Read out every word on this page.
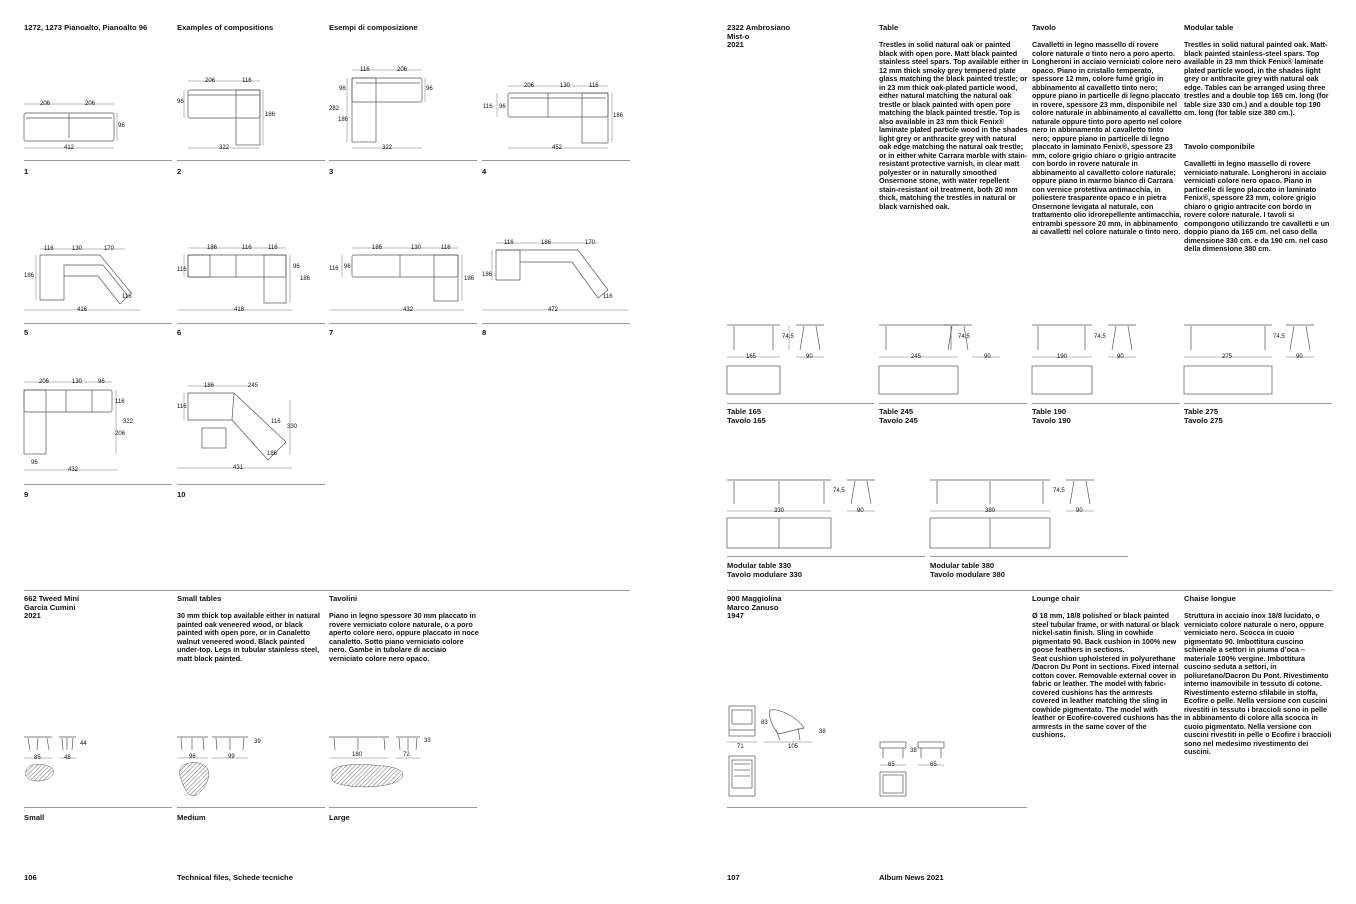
1272, 1273 Pianoalto, Pianoalto 96	Examples of compositions	Esempi di composizione
206	206
96
412
206	116
96
186
322
116	206
96	96
282
186
322
206	130	116
116 96
186
452
116	130	170
186
116
416
186	116	116
116	96
186
418
186	130	116
116 96
186
432
116	186	170
186
116
472
206	130	96
116
322
206
96
432
186	245
116
116
330
186
431
1	2	3	4
5	6	7	8
9	10
662 Tweed Mini
Garcia Cumini
2021
Small tables
30 mm thick top available either in natural painted oak veneered wood, or black painted with open pore, or in Canaletto walnut veneered wood. Black painted under-top. Legs in tubular stainless steel, matt black painted.
Tavolini
Piano in legno spessore 30 mm placcato in rovere verniciato colore naturale, o a poro aperto colore nero, oppure placcato in noce canaletto. Sotto piano verniciato colore nero. Gambe in tubolare di acciaio verniciato colore nero opaco.
44
85	48
39
96	99
33
180	72
Small	Medium	Large
106	Technical files, Schede tecniche
2322 Ambrosiano
Mist-o
2021
Table
Trestles in solid natural oak or painted black with open pore. Matt black painted stainless steel spars. Top available either in 12 mm thick smoky grey tempered plate glass matching the black painted trestle; or in 23 mm thick oak-plated particle wood, either natural matching the natural oak trestle or black painted with open pore matching the black painted trestle. Top is also available in 23 mm thick Fenix® laminate plated particle wood in the shades light grey or anthracite grey with natural oak edge matching the natural oak trestle; or in either white Carrara marble with stain-resistant protective varnish, in clear matt polyester or in naturally smoothed Onsernone stone, with water repellent stain-resistant oil treatment, both 20 mm thick, matching the trestles in natural or black varnished oak.
Tavolo
Cavalletti in legno massello di rovere colore naturale o tinto nero a poro aperto. Longheroni in acciaio verniciati colore nero opaco. Piano in cristallo temperato, spessore 12 mm, colore fumé grigio in abbinamento al cavalletto tinto nero; oppure piano in particelle di legno placcato in rovere, spessore 23 mm, disponibile nel colore naturale in abbinamento al cavalletto naturale oppure tinto poro aperto nel colore nero in abbinamento al cavalletto tinto nero; oppure piano in particelle di legno placcato in laminato Fenix®, spessore 23 mm, colore grigio chiaro o grigio antracite con bordo in rovere naturale in abbinamento al cavalletto colore naturale; oppure piano in marmo bianco di Carrara con vernice protettiva antimacchia, in poliestere trasparente opaco e in pietra Onsernone levigata al naturale, con trattamento olio idrorepellente antimacchia, entrambi spessore 20 mm, in abbinamento ai cavalletti nel colore naturale o tinto nero.
Modular table
Trestles in solid natural painted oak. Matt-black painted stainless-steel spars. Top available in 23 mm thick Fenix® laminate plated particle wood, in the shades light grey or anthracite grey with natural oak edge. Tables can be arranged using three trestles and a double top 165 cm. long (for table size 330 cm.) and a double top 190 cm. long (for table size 380 cm.).
Tavolo componibile
Cavalletti in legno massello di rovere verniciato naturale. Longheroni in acciaio verniciati colore nero opaco. Piano in particelle di legno placcato in laminato Fenix®, spessore 23 mm, colore grigio chiaro o grigio antracite con bordo in rovere colore naturale. I tavoli si compongono utilizzando tre cavalletti e un doppio piano da 165 cm. nel caso della dimensione 330 cm. e da 190 cm. nel caso della dimensione 380 cm.
74,5
165	90
74,5
245	90
74,5
190	90
74,5
275	90
74,5
330	90
74,5
380	90
Table 165
Tavolo 165
Table 245
Tavolo 245
Table 190
Tavolo 190
Table 275
Tavolo 275
Modular table 330
Tavolo modulare 330
Modular table 380
Tavolo modulare 380
900 Maggiolina
Marco Zanuso
1947
Lounge chair
Ø 18 mm, 18/8 polished or black painted steel tubular frame, or with natural or black nickel-satin finish. Sling in cowhide pigmentato 90. Back cushion in 100% new goose feathers in sections.
Seat cushion upholstered in polyurethane /Dacron Du Pont in sections. Fixed internal cotton cover. Removable external cover in fabric or leather. The model with fabric-covered cushions has the armrests covered in leather matching the sling in cowhide pigmentato. The model with leather or Ecofire-covered cushions has the armrests in the same cover of the cushions.
Chaise longue
Struttura in acciaio inox 18/8 lucidato, o verniciato colore naturale o nero, oppure verniciato nero. Scocca in cuoio pigmentato 90. Imbottitura cuscino schienale a settori in piuma d’oca – materiale 100% vergine. Imbottitura cuscino seduta a settori, in poliuretano/Dacron Du Pont. Rivestimento interno inamovibile in tessuto di cotone. Rivestimento esterno sfilabile in stoffa, Ecofire o pelle. Nella versione con cuscini rivestiti in tessuto i braccioli sono in pelle in abbinamento di colore alla scocca in cuoio pigmentato. Nella versione con cuscini rivestiti in pelle o Ecofire i braccioli sono nel medesimo rivestimento dei cuscini.
83
71	105
38
38
65	65
107	Album News 2021
